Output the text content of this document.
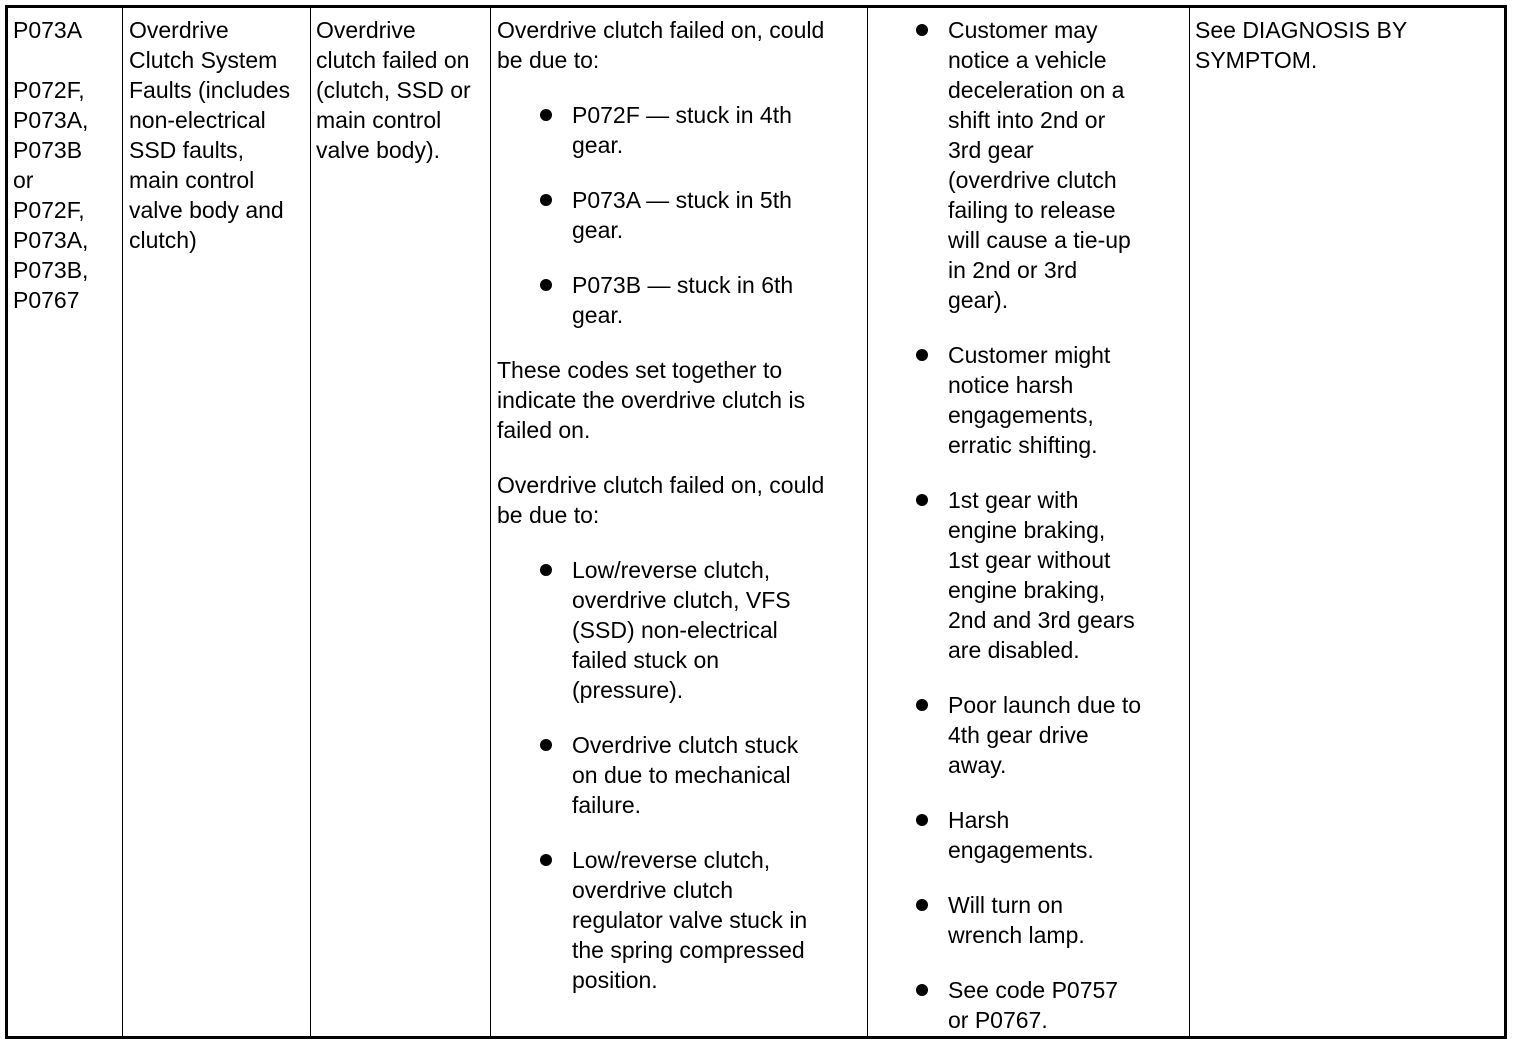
P073A

P072F,
P073A,
P073B
or
P072F,
P073A,
P073B,
P0767

Overdrive
Clutch System
Faults (includes
non-electrical
SSD faults,
main control
valve body and
clutch)

Overdrive
clutch failed on
(clutch, SSD or
main control
valve body).

Overdrive clutch failed on, could
be due to:

P072F — stuck in 4th
gear.

P073A — stuck in 5th
gear.

P073B — stuck in 6th
gear.

These codes set together to
indicate the overdrive clutch is
failed on.

Overdrive clutch failed on, could
be due to:

Low/reverse clutch,
overdrive clutch, VFS
(SSD) non-electrical
failed stuck on
(pressure).

Overdrive clutch stuck
on due to mechanical
failure.

Low/reverse clutch,
overdrive clutch
regulator valve stuck in
the spring compressed
position.

Customer may
notice a vehicle
deceleration on a
shift into 2nd or
3rd gear
(overdrive clutch
failing to release
will cause a tie-up
in 2nd or 3rd
gear).

Customer might
notice harsh
engagements,
erratic shifting.

1st gear with
engine braking,
1st gear without
engine braking,
2nd and 3rd gears
are disabled.

Poor launch due to
4th gear drive
away.

Harsh
engagements.

Will turn on
wrench lamp.

See code P0757
or P0767.

See DIAGNOSIS BY
SYMPTOM.
